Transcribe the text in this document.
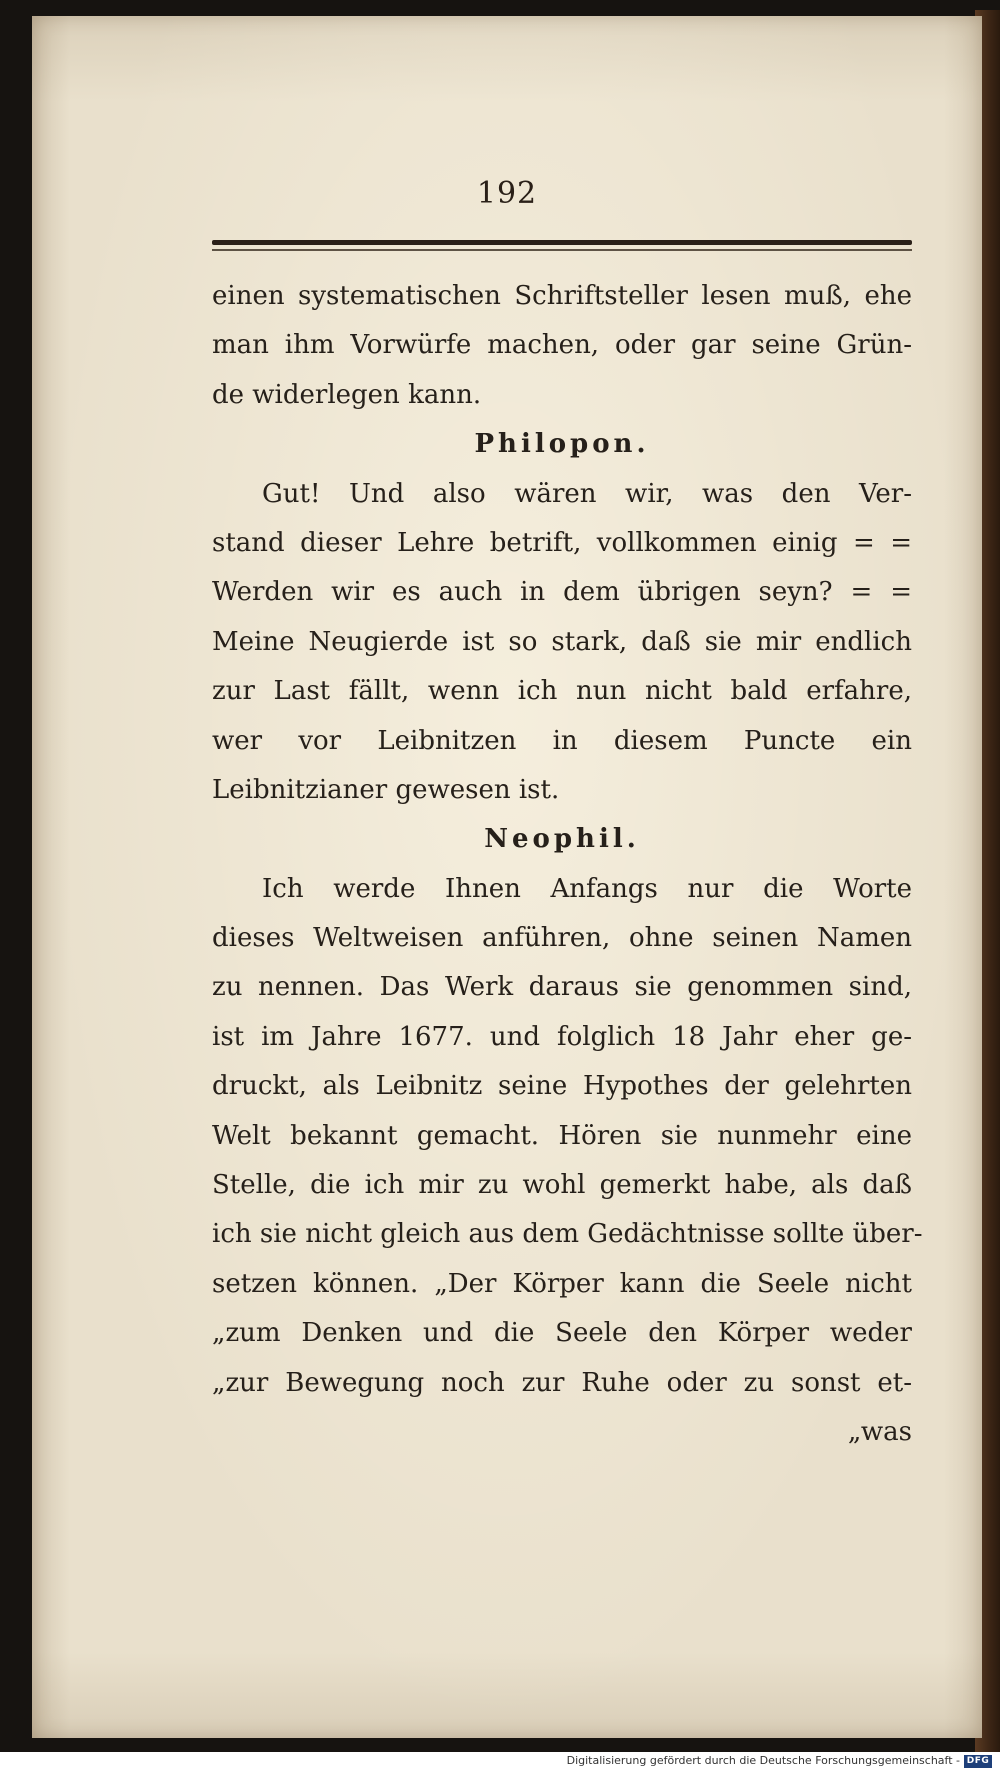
192
einen systematischen Schriftsteller lesen muß, ehe
man ihm Vorwürfe machen, oder gar seine Grün-
de widerlegen kann.
Philopon.
Gut! Und also wären wir, was den Ver-
stand dieser Lehre betrift, vollkommen einig = =
Werden wir es auch in dem übrigen seyn? = =
Meine Neugierde ist so stark, daß sie mir endlich
zur Last fällt, wenn ich nun nicht bald erfahre,
wer vor Leibnitzen in diesem Puncte ein
Leibnitzianer gewesen ist.
Neophil.
Ich werde Ihnen Anfangs nur die Worte
dieses Weltweisen anführen, ohne seinen Namen
zu nennen. Das Werk daraus sie genommen sind,
ist im Jahre 1677. und folglich 18 Jahr eher ge-
druckt, als Leibnitz seine Hypothes der gelehrten
Welt bekannt gemacht. Hören sie nunmehr eine
Stelle, die ich mir zu wohl gemerkt habe, als daß
ich sie nicht gleich aus dem Gedächtnisse sollte über-
setzen können. „Der Körper kann die Seele nicht
„zum Denken und die Seele den Körper weder
„zur Bewegung noch zur Ruhe oder zu sonst et-
„was
Digitalisierung gefördert durch die Deutsche Forschungsgemeinschaft - DFG
